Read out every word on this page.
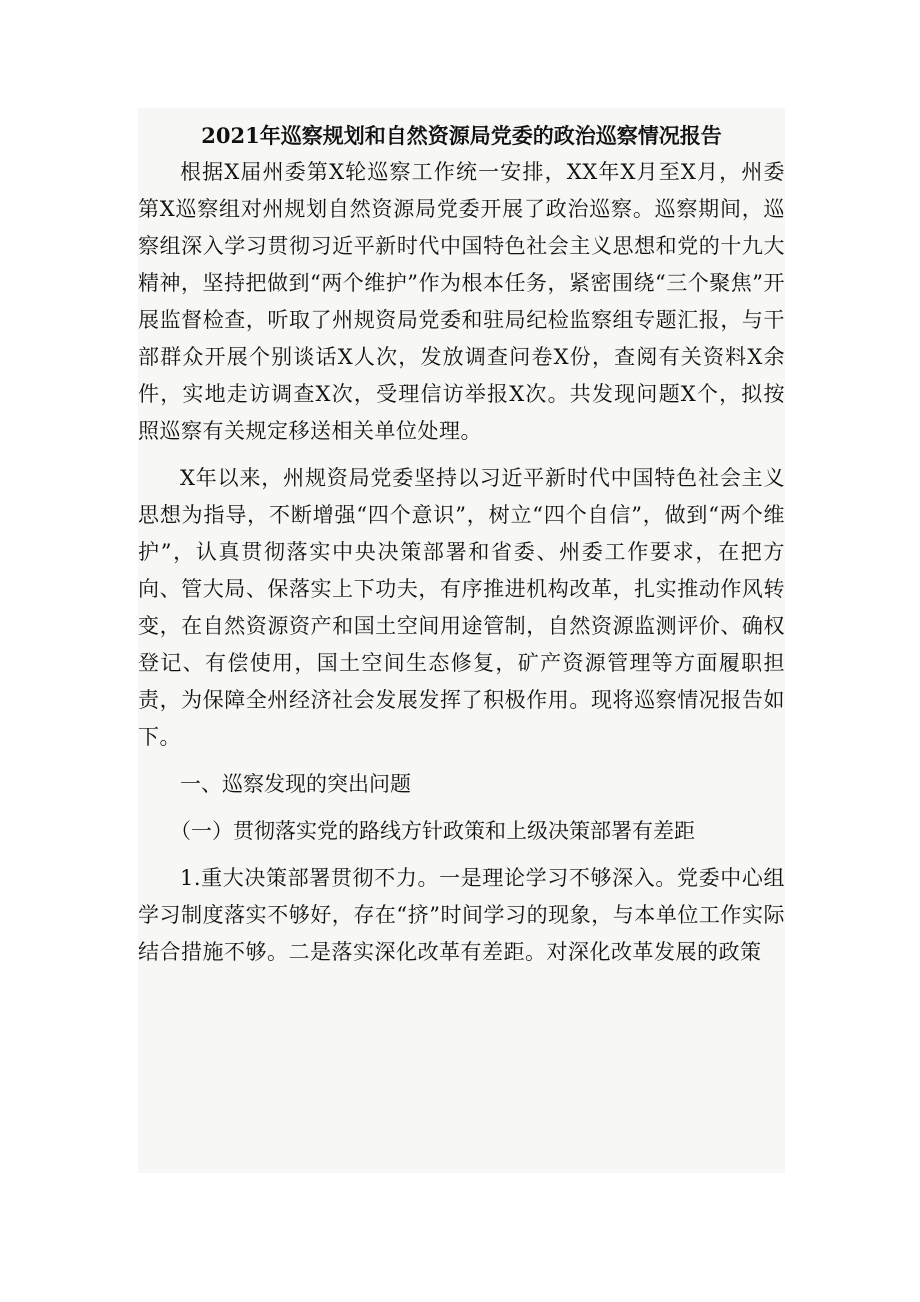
2021年巡察规划和自然资源局党委的政治巡察情况报告

根据X届州委第X轮巡察工作统一安排，XX年X月至X月，州委第X巡察组对州规划自然资源局党委开展了政治巡察。巡察期间，巡察组深入学习贯彻习近平新时代中国特色社会主义思想和党的十九大精神，坚持把做到“两个维护”作为根本任务，紧密围绕“三个聚焦”开展监督检查，听取了州规资局党委和驻局纪检监察组专题汇报，与干部群众开展个别谈话X人次，发放调查问卷X份，查阅有关资料X余件，实地走访调查X次，受理信访举报X次。共发现问题X个，拟按照巡察有关规定移送相关单位处理。

X年以来，州规资局党委坚持以习近平新时代中国特色社会主义思想为指导，不断增强“四个意识”，树立“四个自信”，做到“两个维护”，认真贯彻落实中央决策部署和省委、州委工作要求，在把方向、管大局、保落实上下功夫，有序推进机构改革，扎实推动作风转变，在自然资源资产和国土空间用途管制，自然资源监测评价、确权登记、有偿使用，国土空间生态修复，矿产资源管理等方面履职担责，为保障全州经济社会发展发挥了积极作用。现将巡察情况报告如下。

一、巡察发现的突出问题

（一）贯彻落实党的路线方针政策和上级决策部署有差距

1.重大决策部署贯彻不力。一是理论学习不够深入。党委中心组学习制度落实不够好，存在“挤”时间学习的现象，与本单位工作实际结合措施不够。二是落实深化改革有差距。对深化改革发展的政策
